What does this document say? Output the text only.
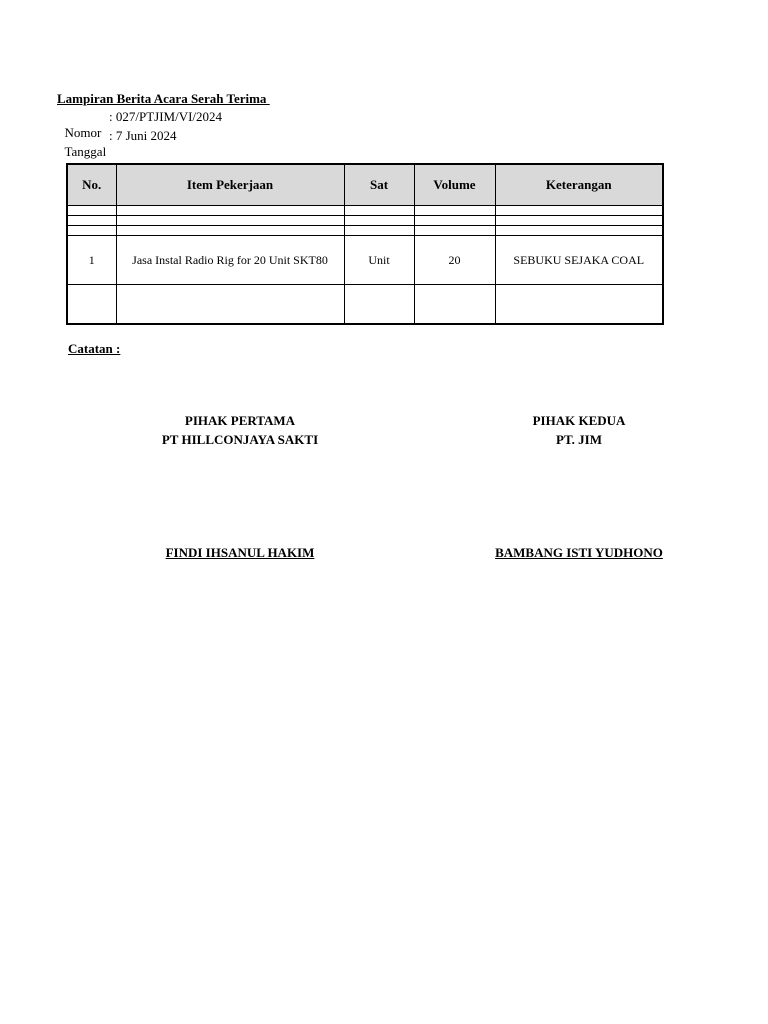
Lampiran Berita Acara Serah Terima

Nomor

: 027/PTJIM/VI/2024

Tanggal

: 7 Juni 2024

No.	Item Pekerjaan	Sat	Volume	Keterangan

1	Jasa Instal Radio Rig for 20 Unit SKT80	Unit	20	SEBUKU SEJAKA COAL

Catatan :
PIHAK PERTAMA
PT HILLCONJAYA SAKTI
PIHAK KEDUA
PT. JIM
FINDI IHSANUL HAKIM	BAMBANG ISTI YUDHONO
